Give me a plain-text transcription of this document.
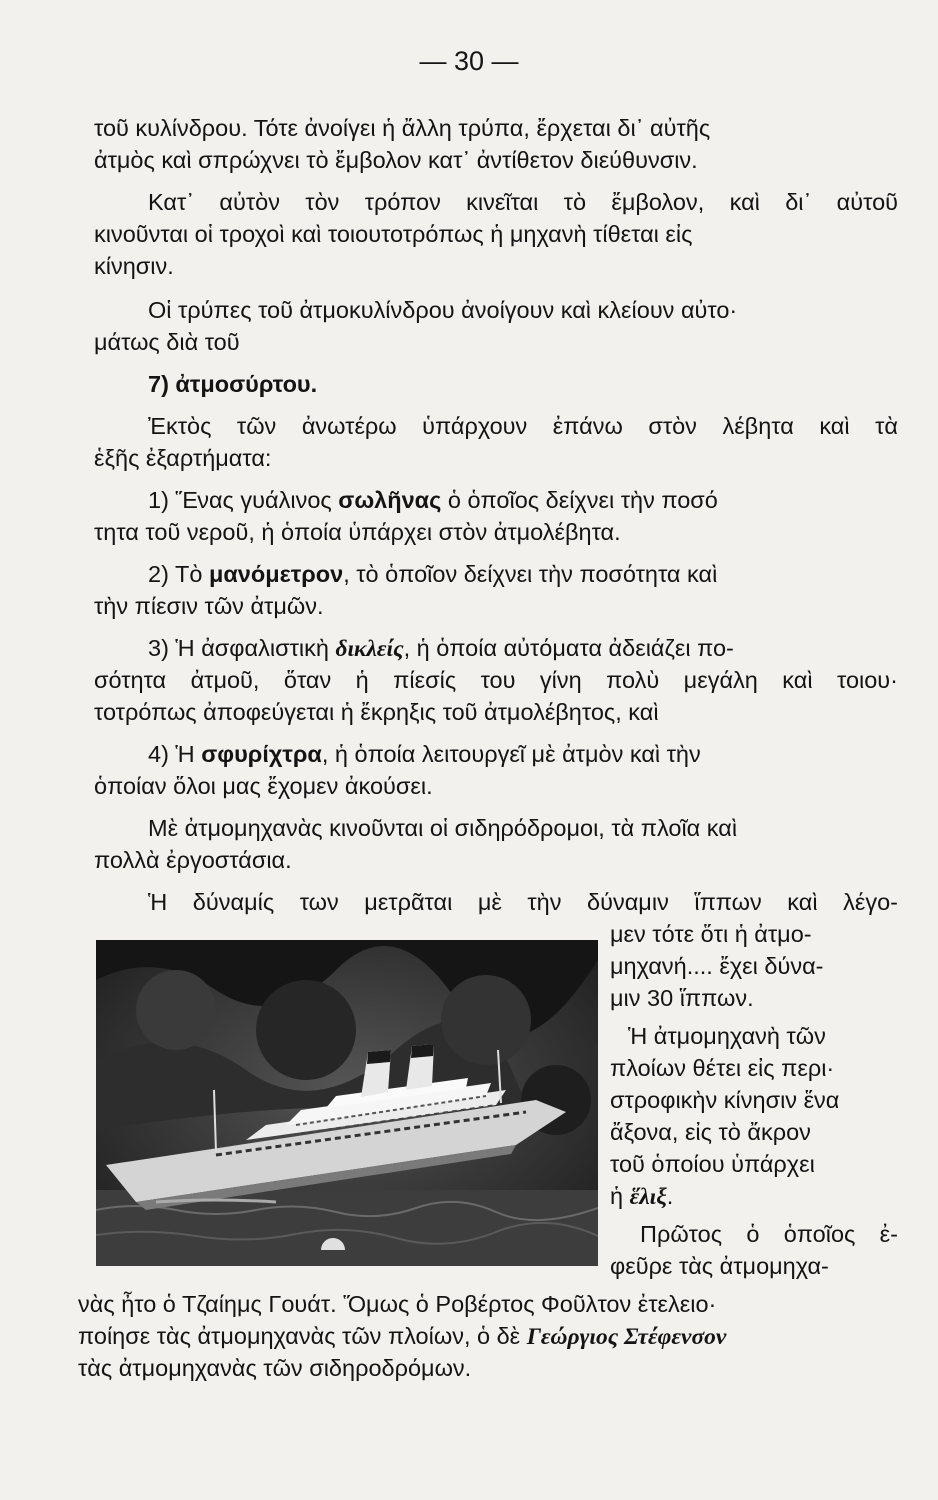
— 30 —
τοῦ κυλίνδρου. Τότε ἀνοίγει ἡ ἄλλη τρύπα, ἔρχεται δι᾽ αὐτῆς
ἀτμὸς καὶ σπρώχνει τὸ ἔμβολον κατ᾽ ἀντίθετον διεύθυνσιν.
Κατ᾽ αὐτὸν τὸν τρόπον κινεῖται τὸ ἔμβολον, καὶ δι᾽ αὐτοῦ
κινοῦνται οἱ τροχοὶ καὶ τοιουτοτρόπως ἡ μηχανὴ τίθεται εἰς
κίνησιν.
Οἱ τρύπες τοῦ ἀτμοκυλίνδρου ἀνοίγουν καὶ κλείουν αὐτο·
μάτως διὰ τοῦ
7) ἀτμοσύρτου.
Ἐκτὸς τῶν ἀνωτέρω ὑπάρχουν ἐπάνω στὸν λέβητα καὶ τὰ
ἑξῆς ἐξαρτήματα:
1) Ἕνας γυάλινος σωλῆνας ὁ ὁποῖος δείχνει τὴν ποσό
τητα τοῦ νεροῦ, ἡ ὁποία ὑπάρχει στὸν ἀτμολέβητα.
2) Τὸ μανόμετρον, τὸ ὁποῖον δείχνει τὴν ποσότητα καὶ
τὴν πίεσιν τῶν ἀτμῶν.
3) Ἡ ἀσφαλιστικὴ δικλείς, ἡ ὁποία αὐτόματα ἀδειάζει πο-
σότητα ἀτμοῦ, ὅταν ἡ πίεσίς του γίνη πολὺ μεγάλη καὶ τοιου·
τοτρόπως ἀποφεύγεται ἡ ἔκρηξις τοῦ ἀτμολέβητος, καὶ
4) Ἡ σφυρίχτρα, ἡ ὁποία λειτουργεῖ μὲ ἀτμὸν καὶ τὴν
ὁποίαν ὅλοι μας ἔχομεν ἀκούσει.
Μὲ ἀτμομηχανὰς κινοῦνται οἱ σιδηρόδρομοι, τὰ πλοῖα καὶ
πολλὰ ἐργοστάσια.
Ἡ δύναμίς των μετρᾶται μὲ τὴν δύναμιν ἵππων καὶ λέγο-
μεν τότε ὅτι ἡ ἀτμο-
μηχανή.... ἔχει δύνα-
μιν 30 ἵππων.
Ἡ ἀτμομηχανὴ τῶν
πλοίων θέτει εἰς περι·
στροφικὴν κίνησιν ἕνα
ἄξονα, εἰς τὸ ἄκρον
τοῦ ὁποίου ὑπάρχει
ἡ ἕλιξ.
Πρῶτος ὁ ὁποῖος ἐ-
φεῦρε τὰς ἀτμομηχα-
νὰς ἦτο ὁ Τζαίημς Γουάτ. Ὅμως ὁ Ροβέρτος Φοῦλτον ἐτελειο·
ποίησε τὰς ἀτμομηχανὰς τῶν πλοίων, ὁ δὲ Γεώργιος Στέφενσον
τὰς ἀτμομηχανὰς τῶν σιδηροδρόμων.
